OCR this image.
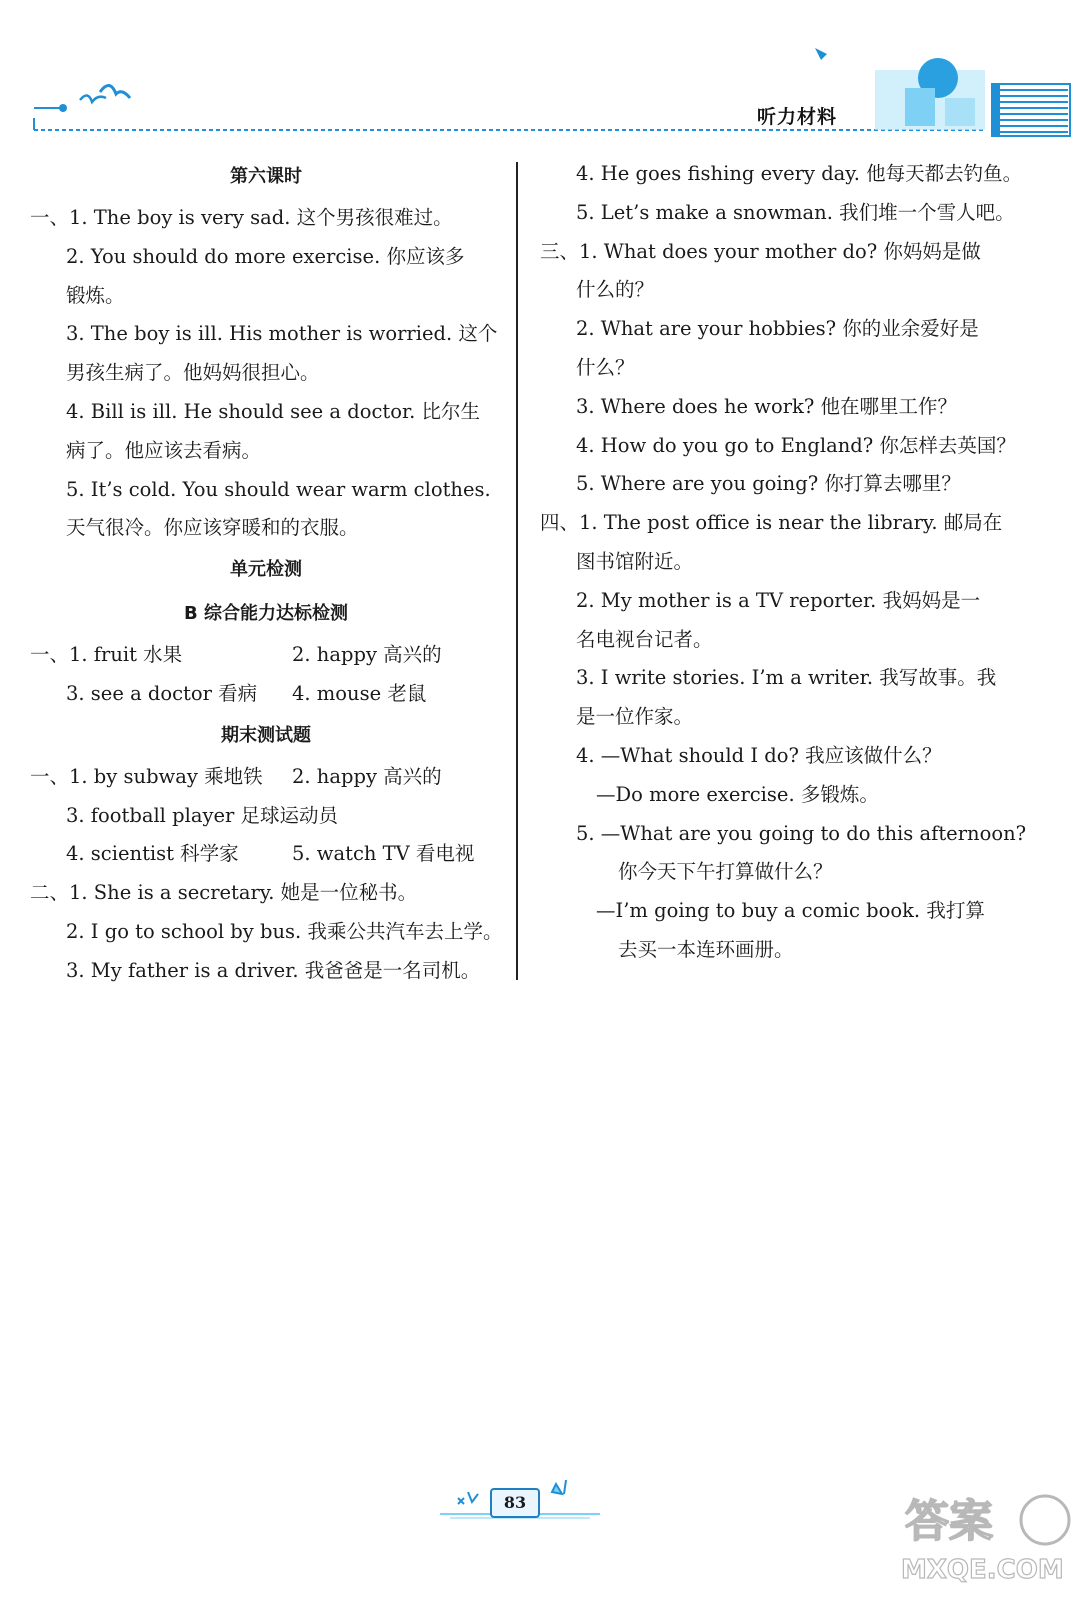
听力材料
第六课时
一、1. The boy is very sad. 这个男孩很难过。
2. You should do more exercise. 你应该多
锻炼。
3. The boy is ill. His mother is worried. 这个
男孩生病了。他妈妈很担心。
4. Bill is ill. He should see a doctor. 比尔生
病了。他应该去看病。
5. It’s cold. You should wear warm clothes.
天气很冷。你应该穿暖和的衣服。
单元检测
B 综合能力达标检测
一、1. fruit 水果	2. happy 高兴的
3. see a doctor 看病 4. mouse 老鼠
期末测试题
一、1. by subway 乘地铁 2. happy 高兴的
3. football player 足球运动员
4. scientist 科学家	5. watch TV 看电视
二、1. She is a secretary. 她是一位秘书。
2. I go to school by bus. 我乘公共汽车去上学。
3. My father is a driver. 我爸爸是一名司机。
4. He goes fishing every day. 他每天都去钓鱼。
5. Let’s make a snowman. 我们堆一个雪人吧。
三、1. What does your mother do? 你妈妈是做
什么的？
2. What are your hobbies? 你的业余爱好是
什么？
3. Where does he work? 他在哪里工作？
4. How do you go to England? 你怎样去英国？
5. Where are you going? 你打算去哪里？
四、1. The post office is near the library. 邮局在
图书馆附近。
2. My mother is a TV reporter. 我妈妈是一
名电视台记者。
3. I write stories. I’m a writer. 我写故事。我
是一位作家。
4. —What should I do? 我应该做什么？
—Do more exercise. 多锻炼。
5. —What are you going to do this afternoon?
你今天下午打算做什么？
—I’m going to buy a comic book. 我打算
去买一本连环画册。
83	答案
MXQE.COM
